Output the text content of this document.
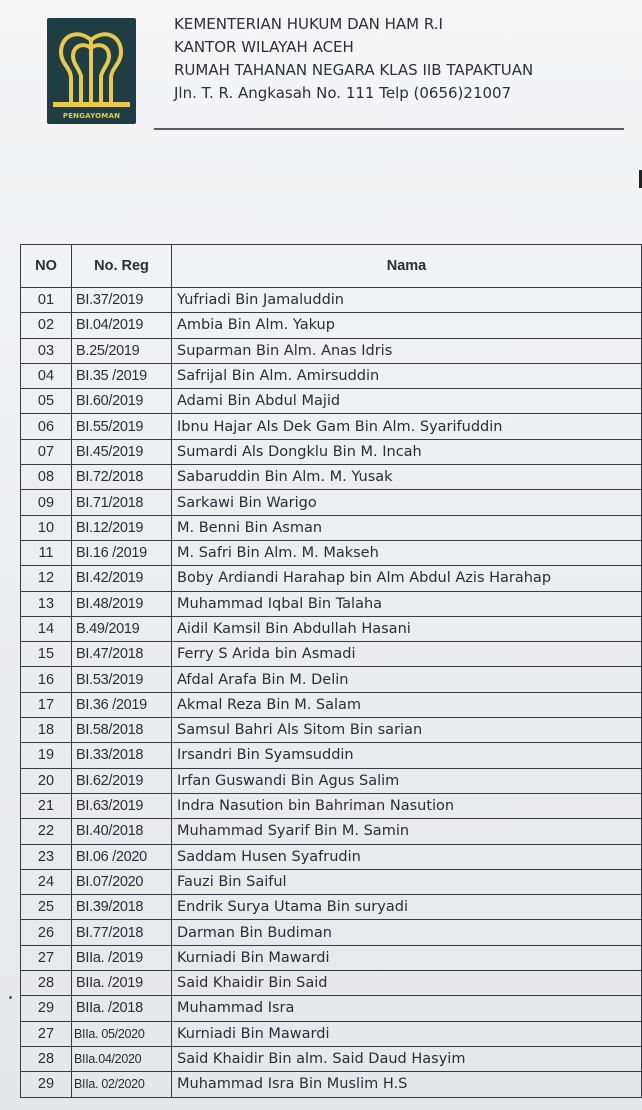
PENGAYOMAN
KEMENTERIAN HUKUM DAN HAM R.I
KANTOR WILAYAH ACEH
RUMAH TAHANAN NEGARA KLAS IIB TAPAKTUAN
Jln. T. R. Angkasah No. 111 Telp (0656)21007
NO	No. Reg	Nama
01	BI.37/2019	Yufriadi Bin Jamaluddin
02	BI.04/2019	Ambia Bin Alm. Yakup
03	B.25/2019	Suparman Bin Alm. Anas Idris
04	BI.35 /2019	Safrijal Bin Alm. Amirsuddin
05	BI.60/2019	Adami Bin Abdul Majid
06	BI.55/2019	Ibnu Hajar Als Dek Gam Bin Alm. Syarifuddin
07	BI.45/2019	Sumardi Als Dongklu Bin M. Incah
08	BI.72/2018	Sabaruddin Bin Alm. M. Yusak
09	BI.71/2018	Sarkawi Bin Warigo
10	BI.12/2019	M. Benni Bin Asman
11	BI.16 /2019	M. Safri Bin Alm. M. Makseh
12	BI.42/2019	Boby Ardiandi Harahap bin Alm Abdul Azis Harahap
13	BI.48/2019	Muhammad Iqbal Bin Talaha
14	B.49/2019	Aidil Kamsil Bin Abdullah Hasani
15	BI.47/2018	Ferry S Arida bin Asmadi
16	BI.53/2019	Afdal Arafa Bin M. Delin
17	BI.36 /2019	Akmal Reza Bin M. Salam
18	BI.58/2018	Samsul Bahri Als Sitom Bin sarian
19	BI.33/2018	Irsandri Bin Syamsuddin
20	BI.62/2019	Irfan Guswandi Bin Agus Salim
21	BI.63/2019	Indra Nasution bin Bahriman Nasution
22	BI.40/2018	Muhammad Syarif Bin M. Samin
23	BI.06 /2020	Saddam Husen Syafrudin
24	BI.07/2020	Fauzi Bin Saiful
25	BI.39/2018	Endrik Surya Utama Bin suryadi
26	BI.77/2018	Darman Bin Budiman
27	BIIa. /2019	Kurniadi Bin Mawardi
28	BIIa. /2019	Said Khaidir Bin Said
29	BIIa. /2018	Muhammad Isra
27	BIIa. 05/2020	Kurniadi Bin Mawardi
28	BIIa.04/2020	Said Khaidir Bin alm. Said Daud Hasyim
29	BIIa. 02/2020	Muhammad Isra Bin Muslim H.S
